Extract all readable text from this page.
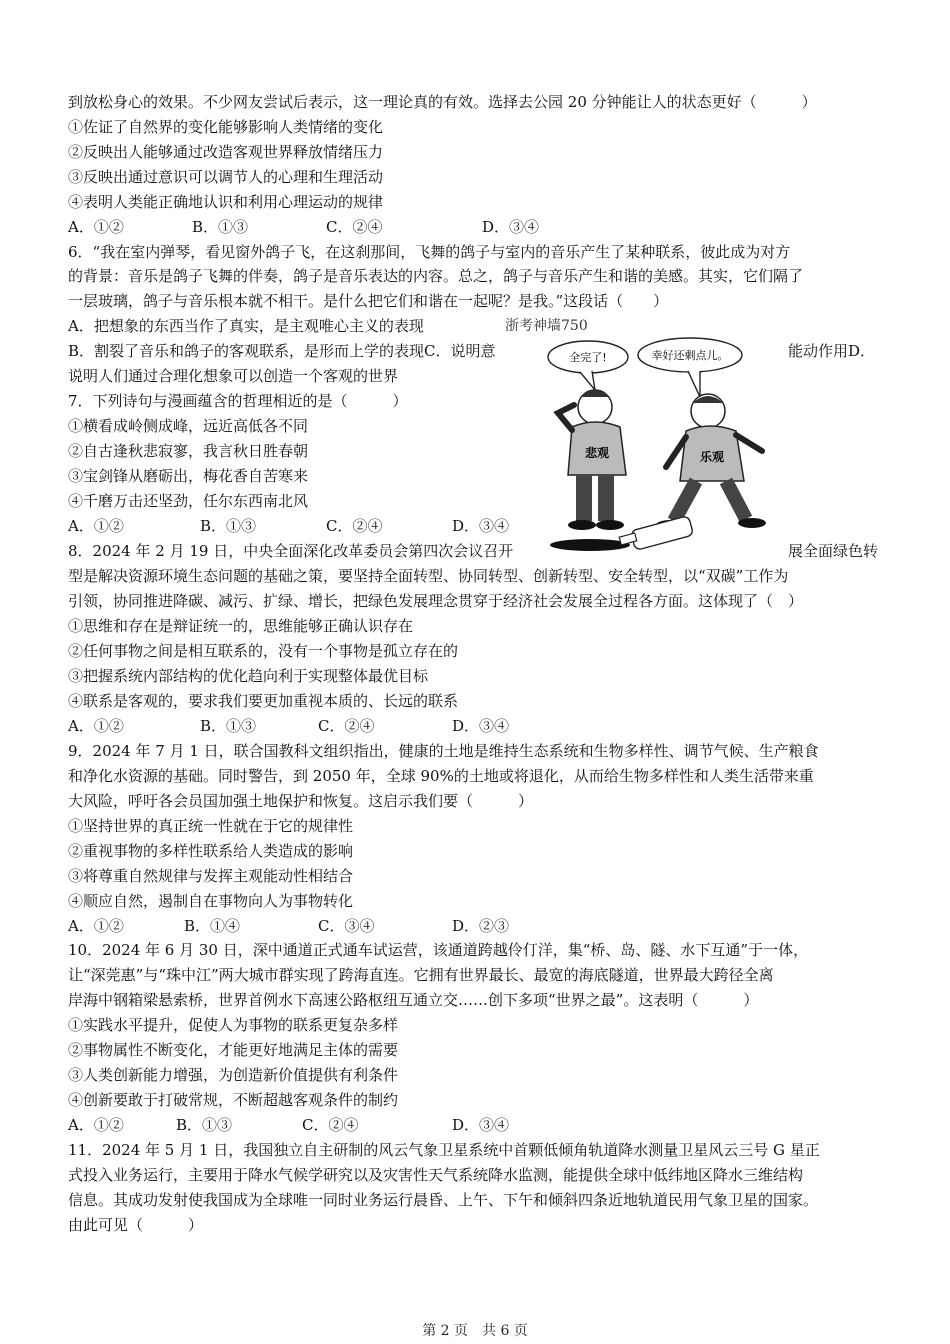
到放松身心的效果。不少网友尝试后表示，这一理论真的有效。选择去公园 20 分钟能让人的状态更好（　　　）
①佐证了自然界的变化能够影响人类情绪的变化
②反映出人能够通过改造客观世界释放情绪压力
③反映出通过意识可以调节人的心理和生理活动
④表明人类能正确地认识和利用心理运动的规律
A．①②	B．①③	C．②④	D．③④
6．“我在室内弹琴，看见窗外鸽子飞，在这刹那间，飞舞的鸽子与室内的音乐产生了某种联系，彼此成为对方
的背景：音乐是鸽子飞舞的伴奏，鸽子是音乐表达的内容。总之，鸽子与音乐产生和谐的美感。其实，它们隔了
一层玻璃，鸽子与音乐根本就不相干。是什么把它们和谐在一起呢？是我。”这段话（　　）
A．把想象的东西当作了真实，是主观唯心主义的表现	浙考神墙750
B．割裂了音乐和鸽子的客观联系，是形而上学的表现C．说明意	能动作用D．
说明人们通过合理化想象可以创造一个客观的世界
全完了!	幸好还剩点儿。
悲观	乐观
7．下列诗句与漫画蕴含的哲理相近的是（　　　）
①横看成岭侧成峰，远近高低各不同
②自古逢秋悲寂寥，我言秋日胜春朝
③宝剑锋从磨砺出，梅花香自苦寒来
④千磨万击还坚劲，任尔东西南北风
A．①②	B．①③	C．②④	D．③④
8．2024 年 2 月 19 日，中央全面深化改革委员会第四次会议召开	展全面绿色转
型是解决资源环境生态问题的基础之策，要坚持全面转型、协同转型、创新转型、安全转型，以“双碳”工作为
引领，协同推进降碳、减污、扩绿、增长，把绿色发展理念贯穿于经济社会发展全过程各方面。这体现了（　）
①思维和存在是辩证统一的，思维能够正确认识存在
②任何事物之间是相互联系的，没有一个事物是孤立存在的
③把握系统内部结构的优化趋向利于实现整体最优目标
④联系是客观的，要求我们要更加重视本质的、长远的联系
A．①②	B．①③	C．②④	D．③④
9．2024 年 7 月 1 日，联合国教科文组织指出，健康的土地是维持生态系统和生物多样性、调节气候、生产粮食
和净化水资源的基础。同时警告，到 2050 年，全球 90%的土地或将退化，从而给生物多样性和人类生活带来重
大风险，呼吁各会员国加强土地保护和恢复。这启示我们要（　　　）
①坚持世界的真正统一性就在于它的规律性
②重视事物的多样性联系给人类造成的影响
③将尊重自然规律与发挥主观能动性相结合
④顺应自然，遏制自在事物向人为事物转化
A．①②	B．①④	C．③④	D．②③
10．2024 年 6 月 30 日，深中通道正式通车试运营，该通道跨越伶仃洋，集“桥、岛、隧、水下互通”于一体，
让“深莞惠”与“珠中江”两大城市群实现了跨海直连。它拥有世界最长、最宽的海底隧道，世界最大跨径全离
岸海中钢箱梁悬索桥，世界首例水下高速公路枢纽互通立交……创下多项“世界之最”。这表明（　　　）
①实践水平提升，促使人为事物的联系更复杂多样
②事物属性不断变化，才能更好地满足主体的需要
③人类创新能力增强，为创造新价值提供有利条件
④创新要敢于打破常规，不断超越客观条件的制约
A．①②	B．①③	C．②④	D．③④
11．2024 年 5 月 1 日，我国独立自主研制的风云气象卫星系统中首颗低倾角轨道降水测量卫星风云三号 G 星正
式投入业务运行，主要用于降水气候学研究以及灾害性天气系统降水监测，能提供全球中低纬地区降水三维结构
信息。其成功发射使我国成为全球唯一同时业务运行晨昏、上午、下午和倾斜四条近地轨道民用气象卫星的国家。
由此可见（　　　）
第 2 页　共 6 页
